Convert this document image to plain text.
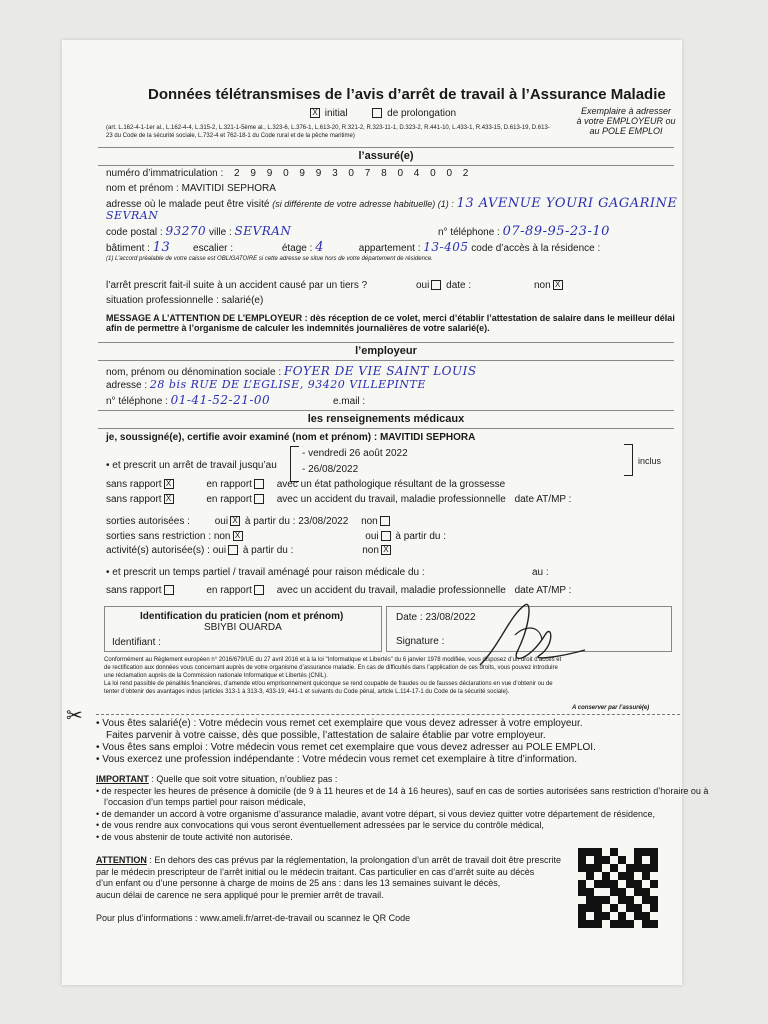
Données télétransmises de l’avis d’arrêt de travail à l’Assurance Maladie
X initial	de prolongation
(art. L.162-4-1-1er al., L.162-4-4, L.315-2, L.321-1-5ème al., L.323-6, L.376-1, L.613-20, R.321-2, R.323-11-1, D.323-2, R.441-10, L.433-1, R.433-15, D.613-19, D.613-23 du Code de la sécurité sociale, L.732-4 et 762-18-1 du Code rural et de la pêche maritime)
Exemplaire à adresser
à votre EMPLOYEUR ou
au POLE EMPLOI
l’assuré(e)
numéro d’immatriculation : 2 9 9 0 9 9 3 0 7 8 0 4 0 0 2
nom et prénom : MAVITIDI SEPHORA
adresse où le malade peut être visité (si différente de votre adresse habituelle) (1) : 13 AVENUE YOURI GAGARINE
SEVRAN
code postal : 93270 ville : SEVRAN	n° téléphone : 07-89-95-23-10
bâtiment : 13 escalier :	étage : 4	appartement : 13-405 code d’accès à la résidence :
(1) L’accord préalable de votre caisse est OBLIGATOIRE si cette adresse se situe hors de votre département de résidence.
l’arrêt prescrit fait-il suite à un accident causé par un tiers ?	oui date :	non X
situation professionnelle : salarié(e)
MESSAGE A L’ATTENTION DE L’EMPLOYEUR : dès réception de ce volet, merci d’établir l’attestation de salaire dans le meilleur délai
afin de permettre à l’organisme de calculer les indemnités journalières de votre salarié(e).
l’employeur
nom, prénom ou dénomination sociale : FOYER DE VIE SAINT LOUIS
adresse : 28 bis RUE DE L’EGLISE, 93420 VILLEPINTE
n° téléphone : 01-41-52-21-00	e.mail :
les renseignements médicaux
je, soussigné(e), certifie avoir examiné (nom et prénom) : MAVITIDI SEPHORA
• et prescrit un arrêt de travail jusqu’au
- vendredi 26 août 2022
- 26/08/2022
inclus
sans rapport X	en rapport avec un état pathologique résultant de la grossesse
sans rapport X	en rapport avec un accident du travail, maladie professionnelle date AT/MP :
sorties autorisées : oui X à partir du : 23/08/2022 non
sorties sans restriction : non X	oui à partir du :
activité(s) autorisée(s) : oui à partir du :	non X
• et prescrit un temps partiel / travail aménagé pour raison médicale du :	au :
sans rapport	en rapport avec un accident du travail, maladie professionnelle date AT/MP :
Identification du praticien (nom et prénom)
SBIYBI OUARDA
Identifiant :
Date : 23/08/2022
Signature :
Conformément au Règlement européen n° 2016/679/UE du 27 avril 2016 et à la loi "Informatique et Libertés" du 6 janvier 1978 modifiée, vous disposez d’un droit d’accès et
de rectification aux données vous concernant auprès de votre organisme d’assurance maladie. En cas de difficultés dans l’application de ces droits, vous pouvez introduire
une réclamation auprès de la Commission nationale Informatique et Libertés (CNIL).
La loi rend passible de pénalités financières, d’amende et/ou emprisonnement quiconque se rend coupable de fraudes ou de fausses déclarations en vue d’obtenir ou de
tenter d’obtenir des avantages indus (articles 313-1 à 313-3, 433-19, 441-1 et suivants du Code pénal, article L.114-17-1 du Code de la sécurité sociale).
A conserver par l’assuré(e)
✂
•	Vous êtes salarié(e) : Votre médecin vous remet cet exemplaire que vous devez adresser à votre employeur.
Faites parvenir à votre caisse, dès que possible, l’attestation de salaire établie par votre employeur.
• Vous êtes sans emploi : Votre médecin vous remet cet exemplaire que vous devez adresser au POLE EMPLOI.
• Vous exercez une profession indépendante : Votre médecin vous remet cet exemplaire à titre d’information.
IMPORTANT : Quelle que soit votre situation, n’oubliez pas :
• de respecter les heures de présence à domicile (de 9 à 11 heures et de 14 à 16 heures), sauf en cas de sorties autorisées sans restriction d’horaire ou à
l’occasion d’un temps partiel pour raison médicale,
• de demander un accord à votre organisme d’assurance maladie, avant votre départ, si vous deviez quitter votre département de résidence,
• de vous rendre aux convocations qui vous seront éventuellement adressées par le service du contrôle médical,
• de vous abstenir de toute activité non autorisée.
ATTENTION : En dehors des cas prévus par la réglementation, la prolongation d’un arrêt de travail doit être prescrite
par le médecin prescripteur de l’arrêt initial ou le médecin traitant. Cas particulier en cas d’arrêt suite au décès
d’un enfant ou d’une personne à charge de moins de 25 ans : dans les 13 semaines suivant le décès,
aucun délai de carence ne sera appliqué pour le premier arrêt de travail.
Pour plus d’informations : www.ameli.fr/arret-de-travail ou scannez le QR Code
